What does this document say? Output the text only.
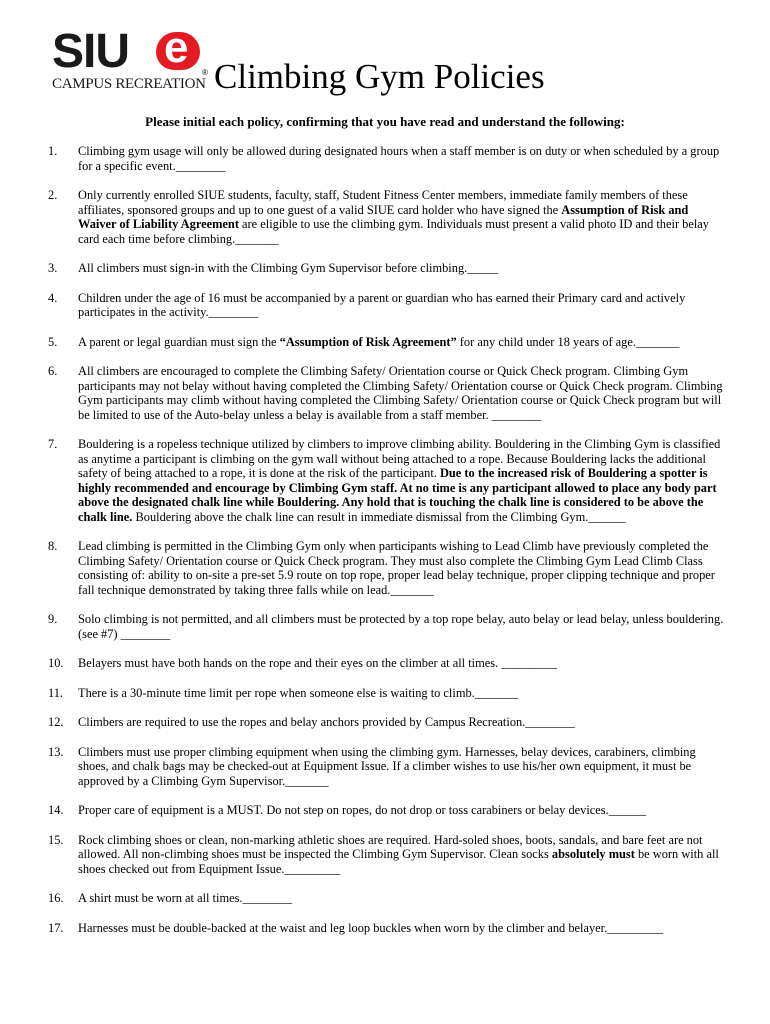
SIU e
®
CAMPUS RECREATION Climbing Gym Policies
Please initial each policy, confirming that you have read and understand the following:
1.	Climbing gym usage will only be allowed during designated hours when a staff member is on duty or when scheduled by a group for a specific event.________
2.	Only currently enrolled SIUE students, faculty, staff, Student Fitness Center members, immediate family members of these affiliates, sponsored groups and up to one guest of a valid SIUE card holder who have signed the Assumption of Risk and Waiver of Liability Agreement are eligible to use the climbing gym. Individuals must present a valid photo ID and their belay card each time before climbing._______
3.	All climbers must sign-in with the Climbing Gym Supervisor before climbing._____
4.	Children under the age of 16 must be accompanied by a parent or guardian who has earned their Primary card and actively participates in the activity.________
5.	A parent or legal guardian must sign the “Assumption of Risk Agreement” for any child under 18 years of age._______
6.	All climbers are encouraged to complete the Climbing Safety/ Orientation course or Quick Check program. Climbing Gym participants may not belay without having completed the Climbing Safety/ Orientation course or Quick Check program. Climbing Gym participants may climb without having completed the Climbing Safety/ Orientation course or Quick Check program but will be limited to use of the Auto-belay unless a belay is available from a staff member. ________
7.	Bouldering is a ropeless technique utilized by climbers to improve climbing ability. Bouldering in the Climbing Gym is classified as anytime a participant is climbing on the gym wall without being attached to a rope. Because Bouldering lacks the additional safety of being attached to a rope, it is done at the risk of the participant. Due to the increased risk of Bouldering a spotter is highly recommended and encourage by Climbing Gym staff. At no time is any participant allowed to place any body part above the designated chalk line while Bouldering. Any hold that is touching the chalk line is considered to be above the chalk line. Bouldering above the chalk line can result in immediate dismissal from the Climbing Gym.______
8.	Lead climbing is permitted in the Climbing Gym only when participants wishing to Lead Climb have previously completed the Climbing Safety/ Orientation course or Quick Check program. They must also complete the Climbing Gym Lead Climb Class consisting of: ability to on-site a pre-set 5.9 route on top rope, proper lead belay technique, proper clipping technique and proper fall technique demonstrated by taking three falls while on lead._______
9.	Solo climbing is not permitted, and all climbers must be protected by a top rope belay, auto belay or lead belay, unless bouldering. (see #7) ________
10.	Belayers must have both hands on the rope and their eyes on the climber at all times. _________
11.	There is a 30-minute time limit per rope when someone else is waiting to climb._______
12.	Climbers are required to use the ropes and belay anchors provided by Campus Recreation.________
13.	Climbers must use proper climbing equipment when using the climbing gym. Harnesses, belay devices, carabiners, climbing shoes, and chalk bags may be checked-out at Equipment Issue. If a climber wishes to use his/her own equipment, it must be approved by a Climbing Gym Supervisor._______
14.	Proper care of equipment is a MUST. Do not step on ropes, do not drop or toss carabiners or belay devices.______
15.	Rock climbing shoes or clean, non-marking athletic shoes are required. Hard-soled shoes, boots, sandals, and bare feet are not allowed. All non-climbing shoes must be inspected the Climbing Gym Supervisor. Clean socks absolutely must be worn with all shoes checked out from Equipment Issue._________
16.	A shirt must be worn at all times.________
17.	Harnesses must be double-backed at the waist and leg loop buckles when worn by the climber and belayer._________
